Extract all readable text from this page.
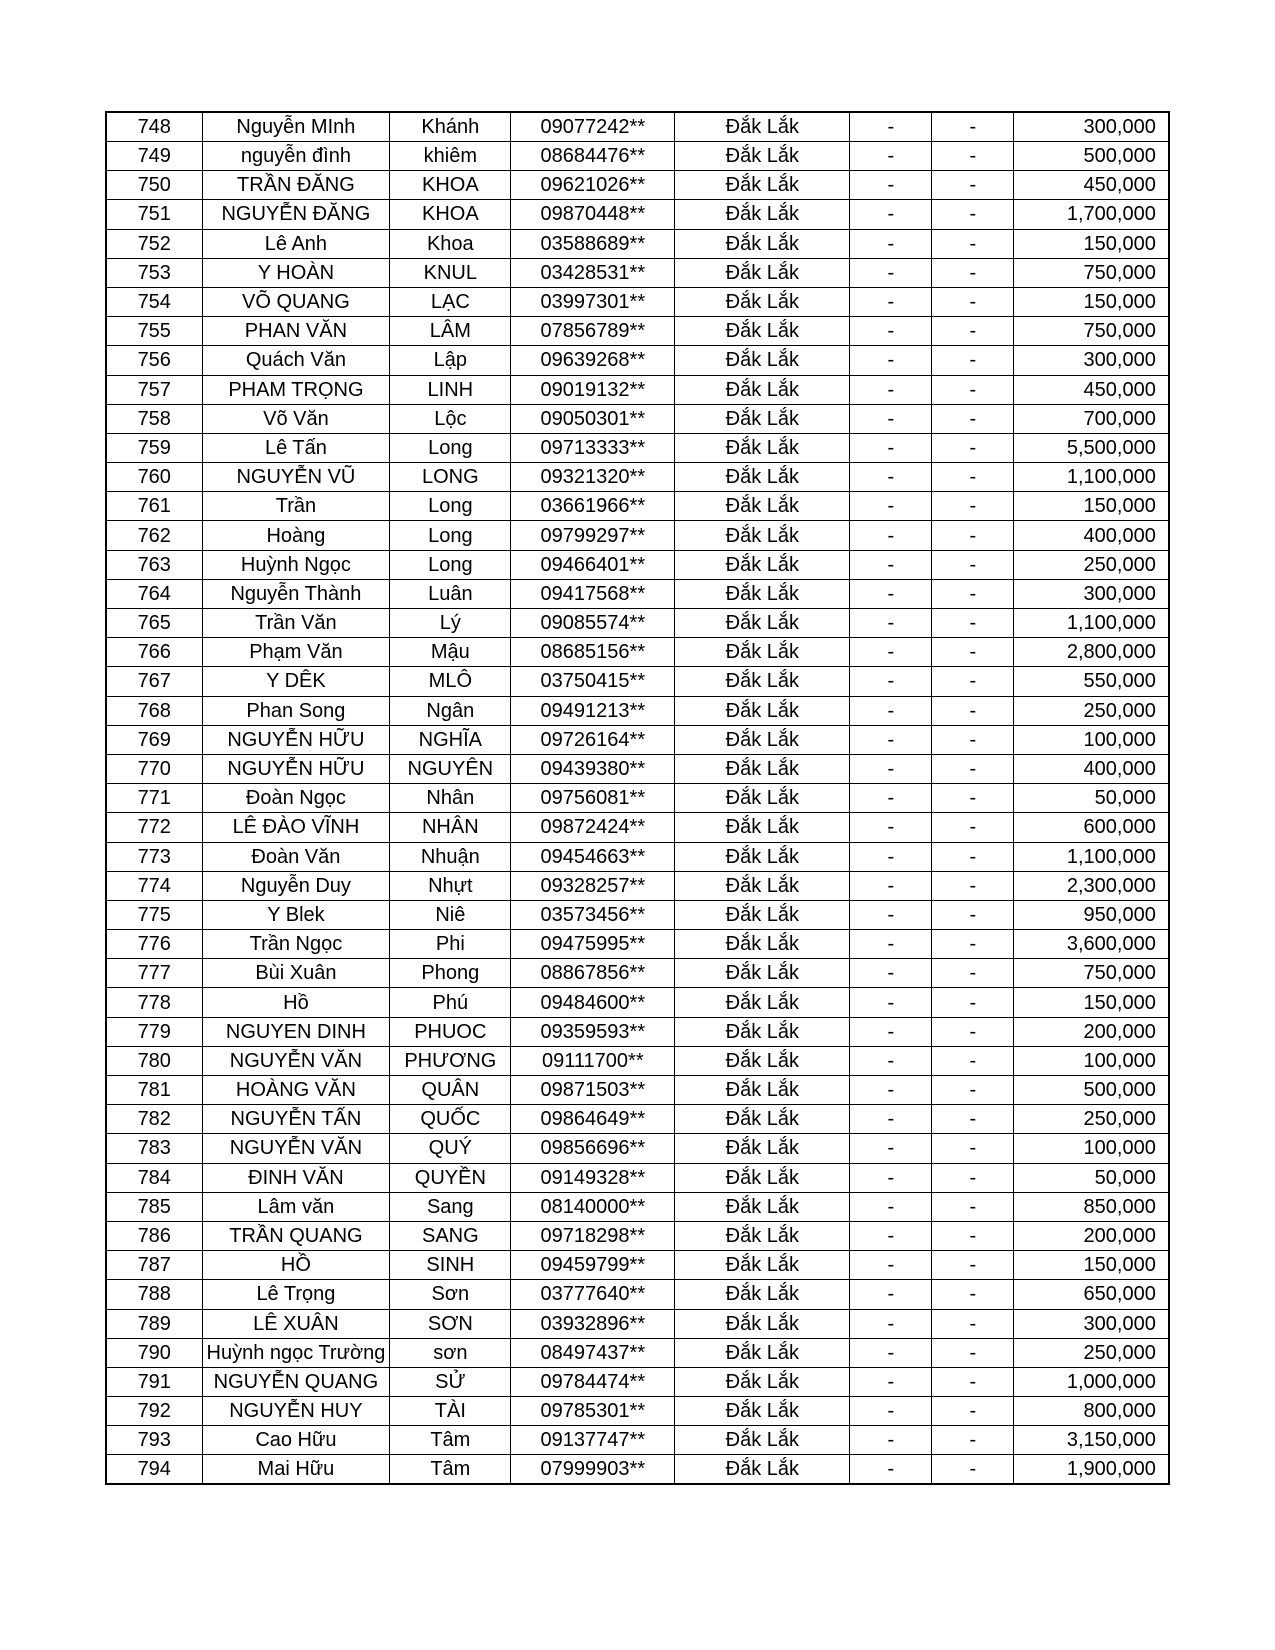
748	Nguyễn MInh	Khánh	09077242**	Đắk Lắk	-	-	300,000
749	nguyễn đình	khiêm	08684476**	Đắk Lắk	-	-	500,000
750	TRẦN ĐĂNG	KHOA	09621026**	Đắk Lắk	-	-	450,000
751	NGUYỄN ĐĂNG	KHOA	09870448**	Đắk Lắk	-	-	1,700,000
752	Lê Anh	Khoa	03588689**	Đắk Lắk	-	-	150,000
753	Y HOÀN	KNUL	03428531**	Đắk Lắk	-	-	750,000
754	VÕ QUANG	LẠC	03997301**	Đắk Lắk	-	-	150,000
755	PHAN VĂN	LÂM	07856789**	Đắk Lắk	-	-	750,000
756	Quách Văn	Lập	09639268**	Đắk Lắk	-	-	300,000
757	PHAM TRỌNG	LINH	09019132**	Đắk Lắk	-	-	450,000
758	Võ Văn	Lộc	09050301**	Đắk Lắk	-	-	700,000
759	Lê Tấn	Long	09713333**	Đắk Lắk	-	-	5,500,000
760	NGUYỄN VŨ	LONG	09321320**	Đắk Lắk	-	-	1,100,000
761	Trần	Long	03661966**	Đắk Lắk	-	-	150,000
762	Hoàng	Long	09799297**	Đắk Lắk	-	-	400,000
763	Huỳnh Ngọc	Long	09466401**	Đắk Lắk	-	-	250,000
764	Nguyễn Thành	Luân	09417568**	Đắk Lắk	-	-	300,000
765	Trần Văn	Lý	09085574**	Đắk Lắk	-	-	1,100,000
766	Phạm Văn	Mậu	08685156**	Đắk Lắk	-	-	2,800,000
767	Y DÊK	MLÔ	03750415**	Đắk Lắk	-	-	550,000
768	Phan Song	Ngân	09491213**	Đắk Lắk	-	-	250,000
769	NGUYỄN HỮU	NGHĨA	09726164**	Đắk Lắk	-	-	100,000
770	NGUYỄN HỮU	NGUYÊN	09439380**	Đắk Lắk	-	-	400,000
771	Đoàn Ngọc	Nhân	09756081**	Đắk Lắk	-	-	50,000
772	LÊ ĐÀO VĨNH	NHÂN	09872424**	Đắk Lắk	-	-	600,000
773	Đoàn Văn	Nhuận	09454663**	Đắk Lắk	-	-	1,100,000
774	Nguyễn Duy	Nhựt	09328257**	Đắk Lắk	-	-	2,300,000
775	Y Blek	Niê	03573456**	Đắk Lắk	-	-	950,000
776	Trần Ngọc	Phi	09475995**	Đắk Lắk	-	-	3,600,000
777	Bùi Xuân	Phong	08867856**	Đắk Lắk	-	-	750,000
778	Hồ	Phú	09484600**	Đắk Lắk	-	-	150,000
779	NGUYEN DINH	PHUOC	09359593**	Đắk Lắk	-	-	200,000
780	NGUYỄN VĂN	PHƯƠNG	09111700**	Đắk Lắk	-	-	100,000
781	HOÀNG VĂN	QUÂN	09871503**	Đắk Lắk	-	-	500,000
782	NGUYỄN TẤN	QUỐC	09864649**	Đắk Lắk	-	-	250,000
783	NGUYỄN VĂN	QUÝ	09856696**	Đắk Lắk	-	-	100,000
784	ĐINH VĂN	QUYỀN	09149328**	Đắk Lắk	-	-	50,000
785	Lâm văn	Sang	08140000**	Đắk Lắk	-	-	850,000
786	TRẦN QUANG	SANG	09718298**	Đắk Lắk	-	-	200,000
787	HỒ	SINH	09459799**	Đắk Lắk	-	-	150,000
788	Lê Trọng	Sơn	03777640**	Đắk Lắk	-	-	650,000
789	LÊ XUÂN	SƠN	03932896**	Đắk Lắk	-	-	300,000
790	Huỳnh ngọc Trường	sơn	08497437**	Đắk Lắk	-	-	250,000
791	NGUYỄN QUANG	SỬ	09784474**	Đắk Lắk	-	-	1,000,000
792	NGUYỄN HUY	TÀI	09785301**	Đắk Lắk	-	-	800,000
793	Cao Hữu	Tâm	09137747**	Đắk Lắk	-	-	3,150,000
794	Mai Hữu	Tâm	07999903**	Đắk Lắk	-	-	1,900,000
